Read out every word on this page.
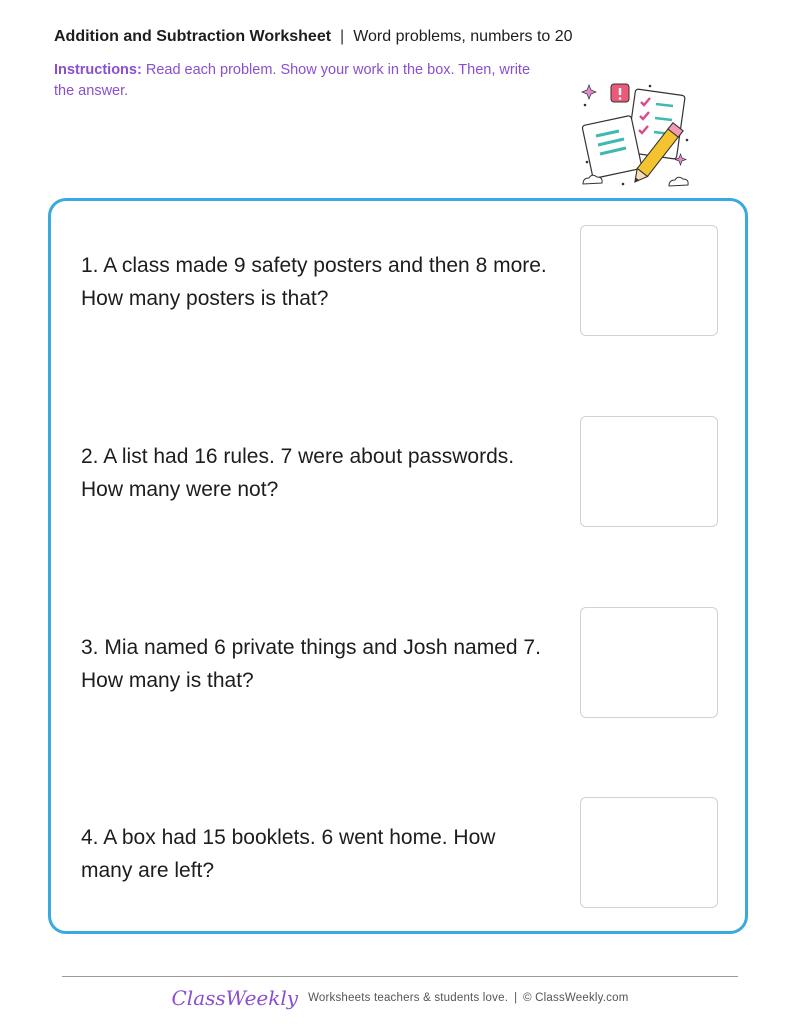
Addition and Subtraction Worksheet | Word problems, numbers to 20
Instructions: Read each problem. Show your work in the box. Then, write the answer.
1. A class made 9 safety posters and then 8 more. How many posters is that?
2. A list had 16 rules. 7 were about passwords. How many were not?
3. Mia named 6 private things and Josh named 7. How many is that?
4. A box had 15 booklets. 6 went home. How many are left?
ClassWeekly Worksheets teachers & students love. | © ClassWeekly.com
